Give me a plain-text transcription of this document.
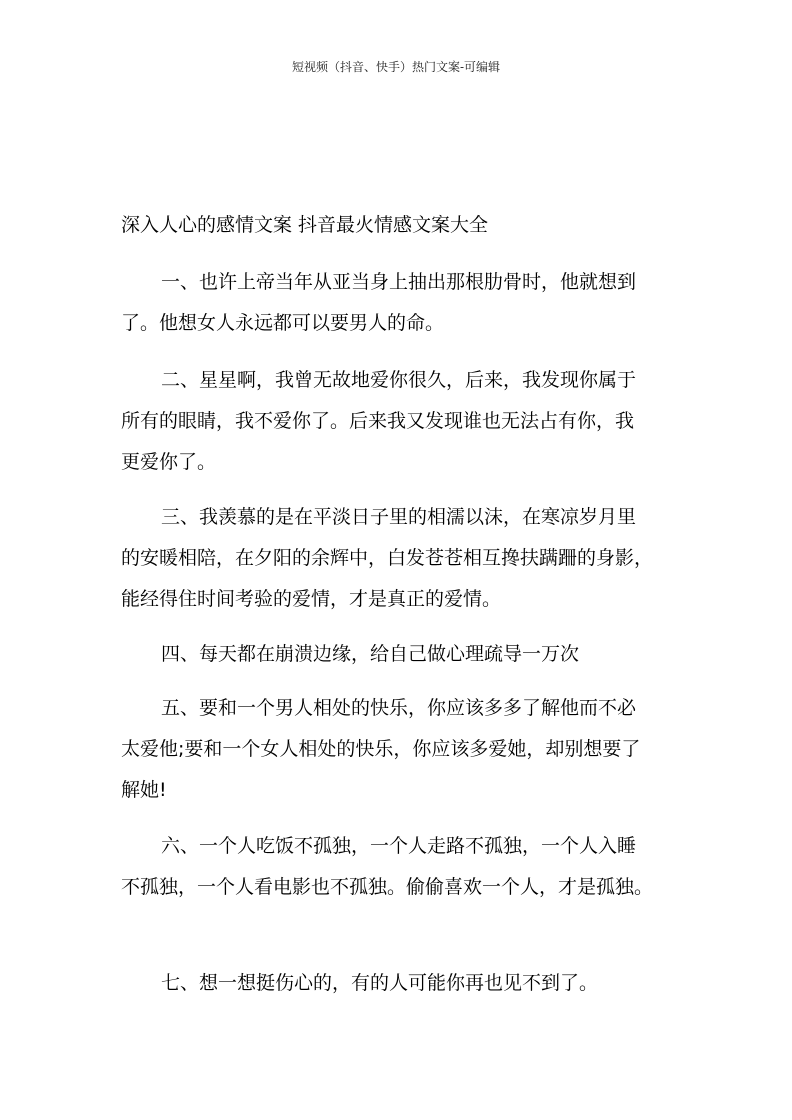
短视频（抖音、快手）热门文案-可编辑
深入人心的感情文案 抖音最火情感文案大全
一、也许上帝当年从亚当身上抽出那根肋骨时，他就想到
了。他想女人永远都可以要男人的命。
二、星星啊，我曾无故地爱你很久，后来，我发现你属于
所有的眼睛，我不爱你了。后来我又发现谁也无法占有你，我
更爱你了。
三、我羡慕的是在平淡日子里的相濡以沫，在寒凉岁月里
的安暖相陪，在夕阳的余辉中，白发苍苍相互搀扶蹒跚的身影，
能经得住时间考验的爱情，才是真正的爱情。
四、每天都在崩溃边缘，给自己做心理疏导一万次
五、要和一个男人相处的快乐，你应该多多了解他而不必
太爱他;要和一个女人相处的快乐，你应该多爱她，却别想要了
解她!
六、一个人吃饭不孤独，一个人走路不孤独，一个人入睡
不孤独，一个人看电影也不孤独。偷偷喜欢一个人，才是孤独。
七、想一想挺伤心的，有的人可能你再也见不到了。
